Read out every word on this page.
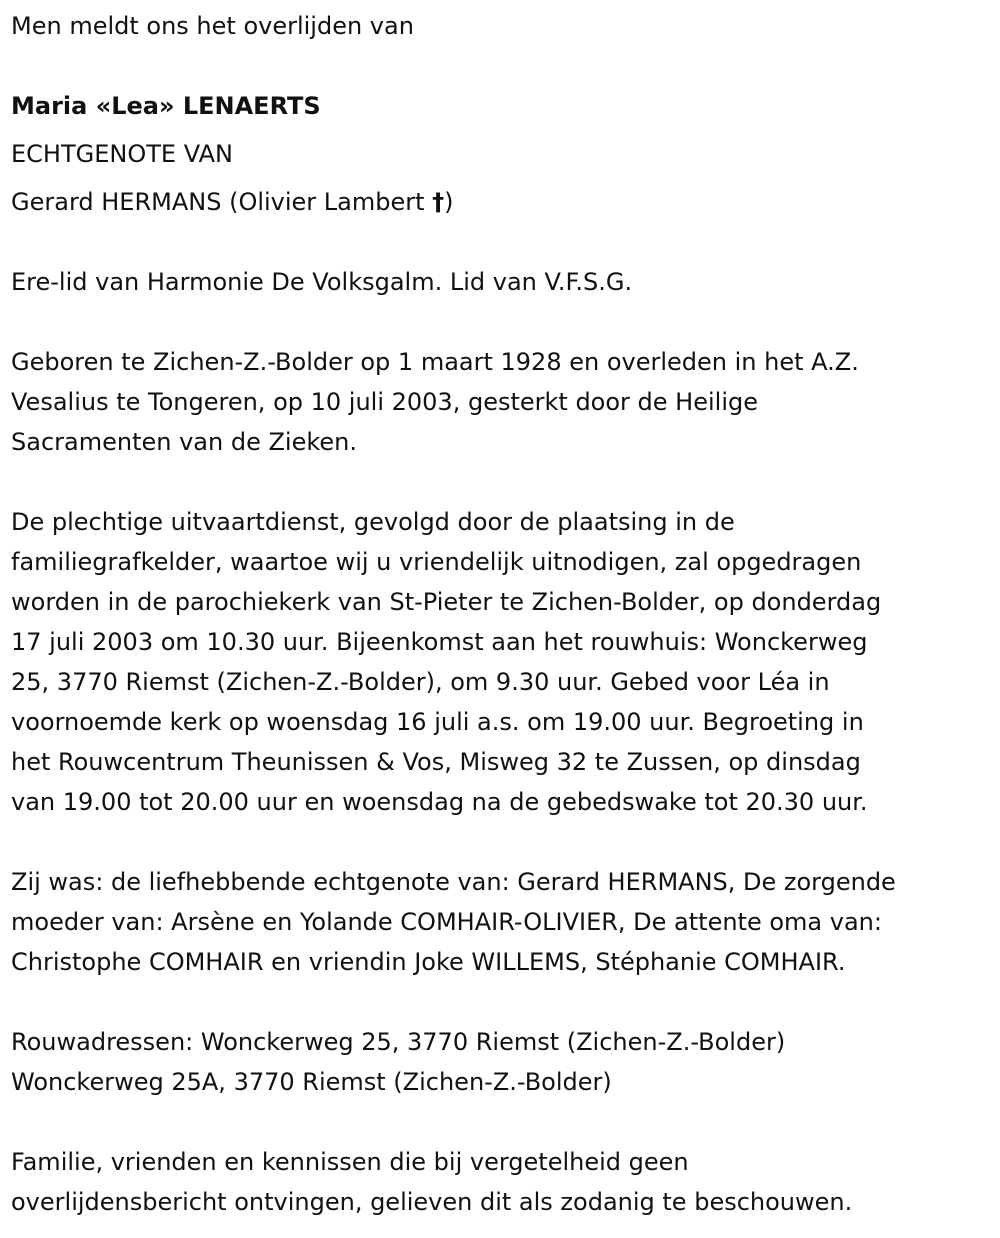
Men meldt ons het overlijden van

Maria «Lea» LENAERTS

ECHTGENOTE VAN

Gerard HERMANS (Olivier Lambert †)

Ere-lid van Harmonie De Volksgalm. Lid van V.F.S.G.

Geboren te Zichen-Z.-Bolder op 1 maart 1928 en overleden in het A.Z.
Vesalius te Tongeren, op 10 juli 2003, gesterkt door de Heilige
Sacramenten van de Zieken.
De plechtige uitvaartdienst, gevolgd door de plaatsing in de
familiegrafkelder, waartoe wij u vriendelijk uitnodigen, zal opgedragen
worden in de parochiekerk van St-Pieter te Zichen-Bolder, op donderdag
17 juli 2003 om 10.30 uur. Bijeenkomst aan het rouwhuis: Wonckerweg
25, 3770 Riemst (Zichen-Z.-Bolder), om 9.30 uur. Gebed voor Léa in
voornoemde kerk op woensdag 16 juli a.s. om 19.00 uur. Begroeting in
het Rouwcentrum Theunissen & Vos, Misweg 32 te Zussen, op dinsdag
van 19.00 tot 20.00 uur en woensdag na de gebedswake tot 20.30 uur.
Zij was: de liefhebbende echtgenote van: Gerard HERMANS, De zorgende
moeder van: Arsène en Yolande COMHAIR-OLIVIER, De attente oma van:
Christophe COMHAIR en vriendin Joke WILLEMS, Stéphanie COMHAIR.
Rouwadressen: Wonckerweg 25, 3770 Riemst (Zichen-Z.-Bolder)
Wonckerweg 25A, 3770 Riemst (Zichen-Z.-Bolder)
Familie, vrienden en kennissen die bij vergetelheid geen
overlijdensbericht ontvingen, gelieven dit als zodanig te beschouwen.
